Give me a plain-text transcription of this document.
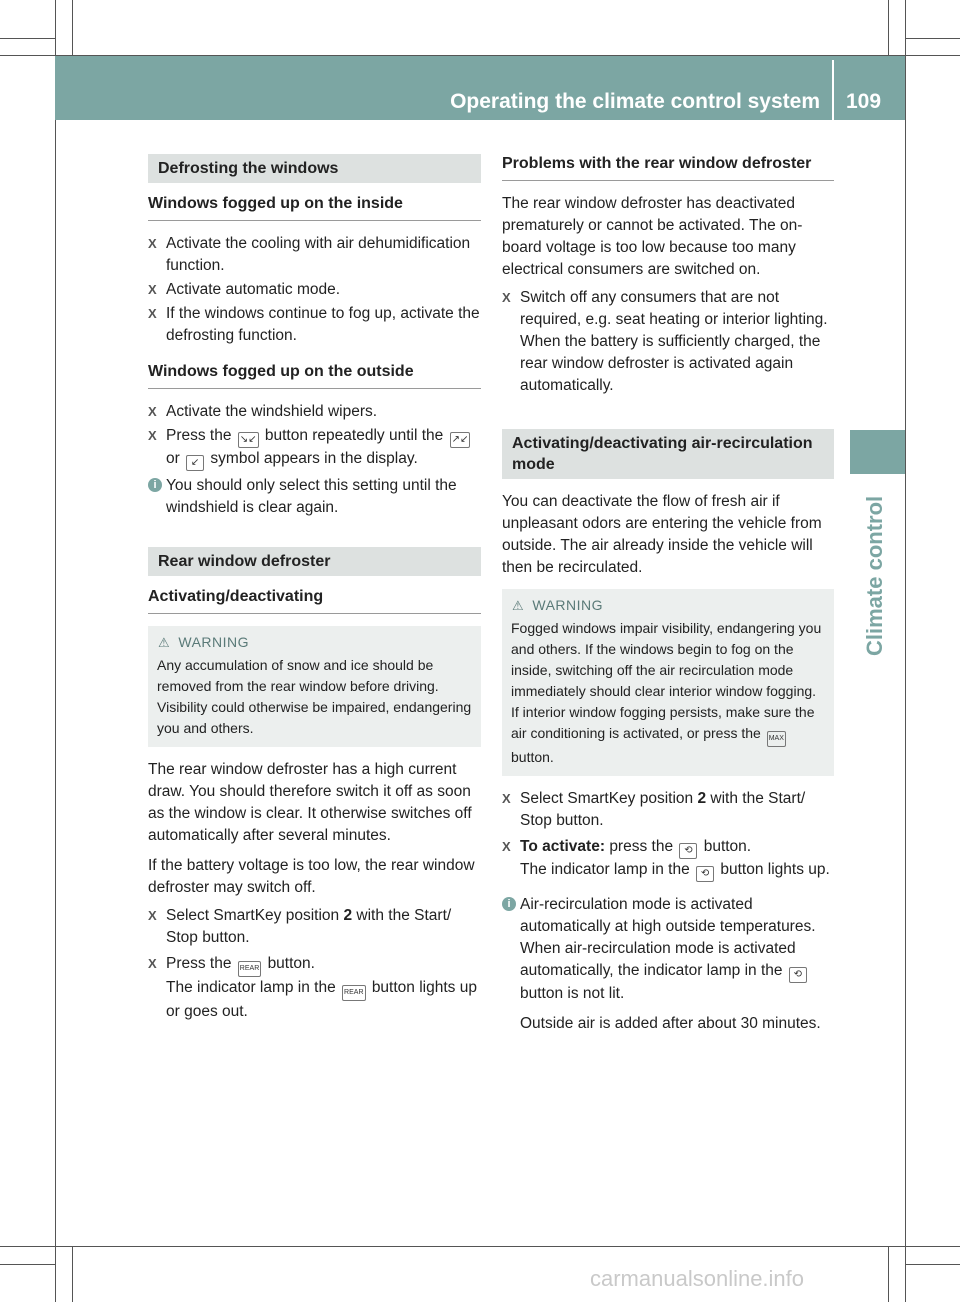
Operating the climate control system 109
Climate control
Defrosting the windows
Windows fogged up on the inside
X Activate the cooling with air dehumidification function.
X Activate automatic mode.
X If the windows continue to fog up, activate the defrosting function.
Windows fogged up on the outside
X Activate the windshield wipers.
X Press the ↘↙ button repeatedly until the ↗↙ or ↙ symbol appears in the display.
i You should only select this setting until the windshield is clear again.
Rear window defroster
Activating/deactivating
⚠ WARNING
Any accumulation of snow and ice should be removed from the rear window before driving. Visibility could otherwise be impaired, endangering you and others.
The rear window defroster has a high current draw. You should therefore switch it off as soon as the window is clear. It otherwise switches off automatically after several minutes.
If the battery voltage is too low, the rear window defroster may switch off.
X Select SmartKey position 2 with the Start/ Stop button.
X Press the REAR button.
The indicator lamp in the REAR button lights up or goes out.
Problems with the rear window defroster
The rear window defroster has deactivated prematurely or cannot be activated. The on-board voltage is too low because too many electrical consumers are switched on.
X Switch off any consumers that are not required, e.g. seat heating or interior lighting.
When the battery is sufficiently charged, the rear window defroster is activated again automatically.
Activating/deactivating air-recirculation mode
You can deactivate the flow of fresh air if unpleasant odors are entering the vehicle from outside. The air already inside the vehicle will then be recirculated.
⚠ WARNING
Fogged windows impair visibility, endangering you and others. If the windows begin to fog on the inside, switching off the air recirculation mode immediately should clear interior window fogging. If interior window fogging persists, make sure the air conditioning is activated, or press the MAX button.
X Select SmartKey position 2 with the Start/ Stop button.
X To activate: press the ⟲ button.
The indicator lamp in the ⟲ button lights up.
i Air-recirculation mode is activated automatically at high outside temperatures. When air-recirculation mode is activated automatically, the indicator lamp in the ⟲ button is not lit.
Outside air is added after about 30 minutes.
carmanualsonline.info
